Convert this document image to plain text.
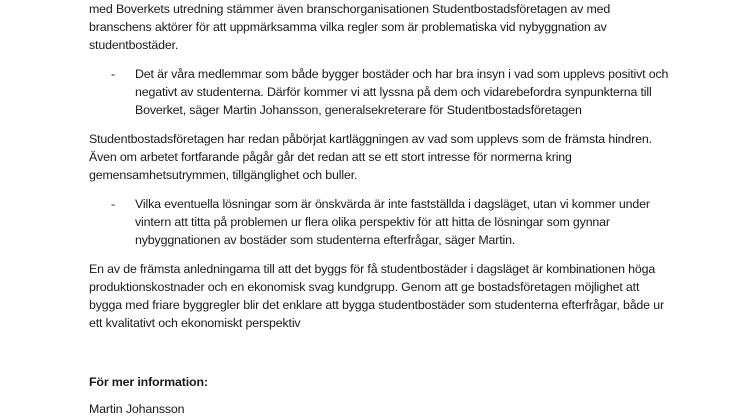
med Boverkets utredning stämmer även branschorganisationen Studentbostadsföretagen av med
branschens aktörer för att uppmärksamma vilka regler som är problematiska vid nybyggnation av
studentbostäder.
- Det är våra medlemmar som både bygger bostäder och har bra insyn i vad som upplevs positivt och
negativt av studenterna. Därför kommer vi att lyssna på dem och vidarebefordra synpunkterna till
Boverket, säger Martin Johansson, generalsekreterare för Studentbostadsföretagen
Studentbostadsföretagen har redan påbörjat kartläggningen av vad som upplevs som de främsta hindren.
Även om arbetet fortfarande pågår går det redan att se ett stort intresse för normerna kring
gemensamhetsutrymmen, tillgänglighet och buller.
- Vilka eventuella lösningar som är önskvärda är inte fastställda i dagsläget, utan vi kommer under
vintern att titta på problemen ur flera olika perspektiv för att hitta de lösningar som gynnar
nybyggnationen av bostäder som studenterna efterfrågar, säger Martin.
En av de främsta anledningarna till att det byggs för få studentbostäder i dagsläget är kombinationen höga
produktionskostnader och en ekonomisk svag kundgrupp. Genom att ge bostadsföretagen möjlighet att
bygga med friare byggregler blir det enklare att bygga studentbostäder som studenterna efterfrågar, både ur
ett kvalitativt och ekonomiskt perspektiv
För mer information:
Martin Johansson
